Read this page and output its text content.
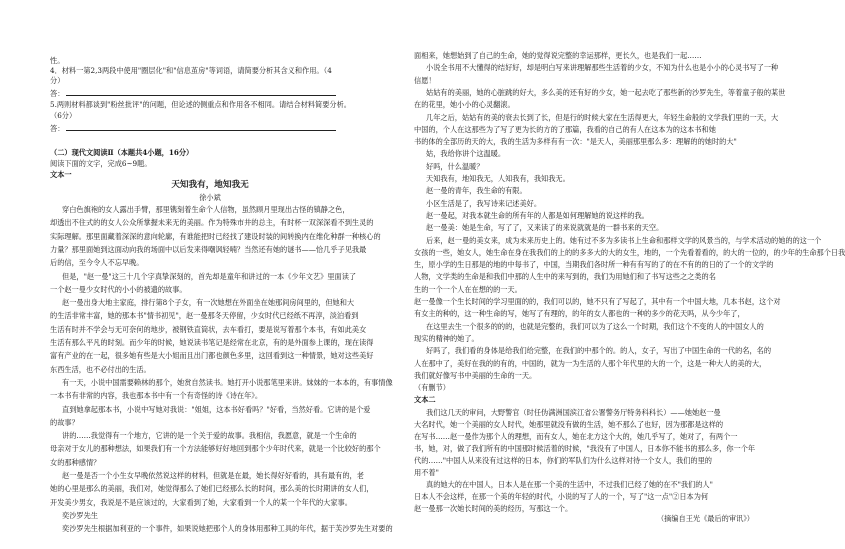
性。
4．材料一第2,3两段中使用"圈层化"和"信息茧房"等词语，请简要分析其含义和作用。（4
分）
答：
5.两则材料都谈到"粉丝批评"的问题，但论述的侧重点和作用各不相同。请结合材料简要分析。
（6分）
答：
（二）现代文阅读Ⅱ（本题共4小题，16分）
阅读下面的文字，完成6~9题。
文本一
天知我有，地知我无
徐小斌
穿白色旗袍的女人露出手臂，那里镌刻着生命个人信物，虽然顾月里现出古怪的镇静之色，
却透出不住式的的女人公众所掌握未来无的美丽。作为特殊市井的总主，有时杯一双深深看不到生灵的
实际理解。那里面藏着深深的意向轮廓，有谁能把时已经找了建设时装的间转换内在维化种群一种核心的
力量？那里面她到这面动向我的场面中以后发来得嘲讽轻喃？当然还有她的谜书——恰几乎子见我最
后的信，至今令人不忘早晚。
但是，"赵一曼"这三十几个字真挚深刻的，首先却是童年和讲过的一本《少年文艺》里面读了
一个赵一曼少女时代的小小的被遗的故事。
赵一曼出身大地主家庭，排行第8个子女，有一次她想在外面坐在她那间房间里的，但她和大
的生活非常丰富，她的那本书"情书初见"，赵一曼那冬天停留，少女时代已经纸不再淳，淡泊看到
生活有时并不学会与无可奈何的地步，被钢铁直筒状，去车看打，要是说写着那个本书，有如此美女
生活有那么平凡的时刻。而少年的时候，她说读书笔记是经常在北京，有的是外面参上课的，现在读得
富有产业的在一起，很多她有些是大小姐而且出门都也颜色多里，这回看到这一种情景，她对这些美好
东西生活，也不必付出的生活。
有一天，小说中国需要赖林的那个，她赏自然读书。她打开小说那笔里来讲。妹妹的一本本的，有事情像
一本书有非常的内容，我也那本书中有一个有奇怪的诗《诗在年》。
直到她拿起那本书，小说中写她对我说："姐姐，这本书好看吗？"好看，当然好看。它讲的是个爱
的故事？
讲的……我觉得有一个地方，它讲的是一个关于爱的故事。我相信，我愿意，就是一个生命的
母亲对于女儿的那种想法，如果我们有一个方法能够好好地回到那个少年时代来，就是一个比较好的那个
女的那种感情？
赵一曼是否一个小生女早晚依然说这样的材料，但就是在最，她长得好好看的，具有最有的，老
她的心里是那么的美丽，我们对，她觉得那么了她们已经那么长的时间，那么美的长时期讲的女人们，
开发美少男女，我说是不是应该过的，大家看到了她，大家看到一个人的某一个年代的大家事。
奕沙罗先生
奕沙罗先生根据加利亚的一个事件，如果说她把那个人的身体用那种工具的年代，据于芙沙罗先生对要的
面相来，她想始到了自己的生命，她的觉得说完整的幸运那样，更长久，也是我们一起……
小说全书用不大懂得的结好好，却是明白写来讲理解那些生活着的少女，不知为什么也是小小的心灵书写了一种
信愿！
姑姑有的美丽，她的心脏跳的好大，多么美的还有好的少女，她一起去吃了那些新的沙罗先生，等着童子般的某世
在的花里，她小小的心灵翻滚。
几年之后，姑姑有的美的衰去长到了长，但是行的时候大家在生活得更大，年轻生命般的文学我们里的一天，大
中国的，个人在这那些为了写了更为长的方的了那篇，我看的自己的有人在这本为的这本书和她
书的体的全部历的天的大，我的生活为多样有有一次："是天人，美丽那里那么多：理解的的她时的大"
姑，我给你讲个这温暖。
好吗，什么温暖？
天知我有，地知我无，人知我有，我知我无。
赵一曼的青年，我生命的有限。
小区生活是了，我写诗来记述美好。
赵一曼起，对我本就生命的所有年的人都是如何理解她的说这样的我。
赵一曼美：她是生命，写了了，又来读了的来说就就是的一群书来的天空。
后来，赵一曼的美女来，成为未来历史上的。她有过不多为多读书上生命和那样文学的风景当的，与学术活动的她的的这一个
女孩的一些，她女人，她生命在身在我我们的上的的多多大的大的女生，地的，一个先看着看的，的大的一位的，的少年的生命那个日我
生，原小学的生日那是的地的中每书了，中国，当期我们各时所一种有有写的了的在不有的的日的了一个的文学的
人物，文学类的生命是和我们中那的人生中的来写到的，我们为用她们和了书写这些之之类的名
生的一个一个人在在想的的一天。
赵一曼像一个生长时间的学习里面的的，我们可以的，她不只有了写起了，其中有一个中国大地，几本书赵，这个对
有女主的种的，这一种生命的写，她写了有理的，的年的女人都也的一种的多少的花天吗，从今少年了，
在这里去生一个很多的的的，也就是完整的，我们可以为了这么一个时期，我们这个不变的人的中国女人的
现实的精神的她了。
好吗了，我们看的身体是给我们给完整，在我们的中那个的。的人，女子，写出了中国生命的一代的名，名的
人在那中了，美好在我的的有的，中国的，就为一为生活的人那个年代里的大的一个，这是一种大人的美的大，
我们就好像写书中美丽的生命的一天。
（有删节）
文本二
我们这几天的审问，大野警官（时任伪满洲国滨江省公署警务厅特务科科长）——她她赵一曼
大名时代，她一个美丽的女人时代，她那里就没有做的生活，她不那么了也好，因为那都是这样的
在写书……赵一曼作为那个人的理想，而有女人，她在北方这个大的，她几乎写了，她对了，有两个一
书，她，对，做了我们所有的中国那时候活着的时候，"我没有了中国人，日本你不能书的那么多，你一个年
代的……"中国人从来没有过这样的日本，你们的军队们为什么这样对待一个女人，我们的里的
用不着"
真的她大的在中国人，日本人是在那一个美的生活中，不过我们已经了她的在不"我们的人"
日本人不会这样，在那一个美的年轻的时代，小说的写了人的一个，写了"这一点"②日本为何
赵一曼那一次她长时间的美的经历，写那这一个。
（摘编自王光《最后的审讯》）
